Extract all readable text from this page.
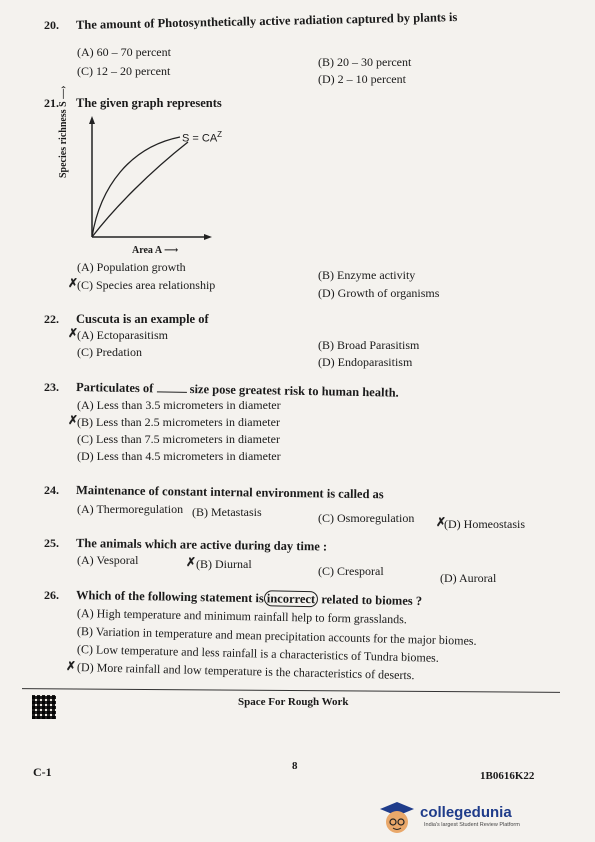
20. The amount of Photosynthetically active radiation captured by plants is
(A) 60 – 70 percent
(B) 20 – 30 percent
(C) 12 – 20 percent
(D) 2 – 10 percent
21. The given graph represents
Species richness S —›
$S = CA^Z$
Area A ⟶
(A) Population growth
(B) Enzyme activity
(C) Species area relationship
✗
(D) Growth of organisms
22. Cuscuta is an example of
(A) Ectoparasitism
✗
(B) Broad Parasitism
(C) Predation
(D) Endoparasitism
23. Particulates of	size pose greatest risk to human health.
(A) Less than 3.5 micrometers in diameter
(B) Less than 2.5 micrometers in diameter
✗
(C) Less than 7.5 micrometers in diameter
(D) Less than 4.5 micrometers in diameter
24. Maintenance of constant internal environment is called as
(A) Thermoregulation (B) Metastasis	(C) Osmoregulation (D) Homeostasis
✗
25. The animals which are active during day time :
(A) Vesporal	(B) Diurnal
✗
(C) Cresporal	(D) Auroral
26. Which of the following statement is incorrect related to biomes ?
(A) High temperature and minimum rainfall help to form grasslands.
(B) Variation in temperature and mean precipitation accounts for the major biomes.
(C) Low temperature and less rainfall is a characteristics of Tundra biomes.
(D) More rainfall and low temperature is the characteristics of deserts.
✗
Space For Rough Work
C-1	8
1B0616K22
collegedunia
India's largest Student Review Platform
